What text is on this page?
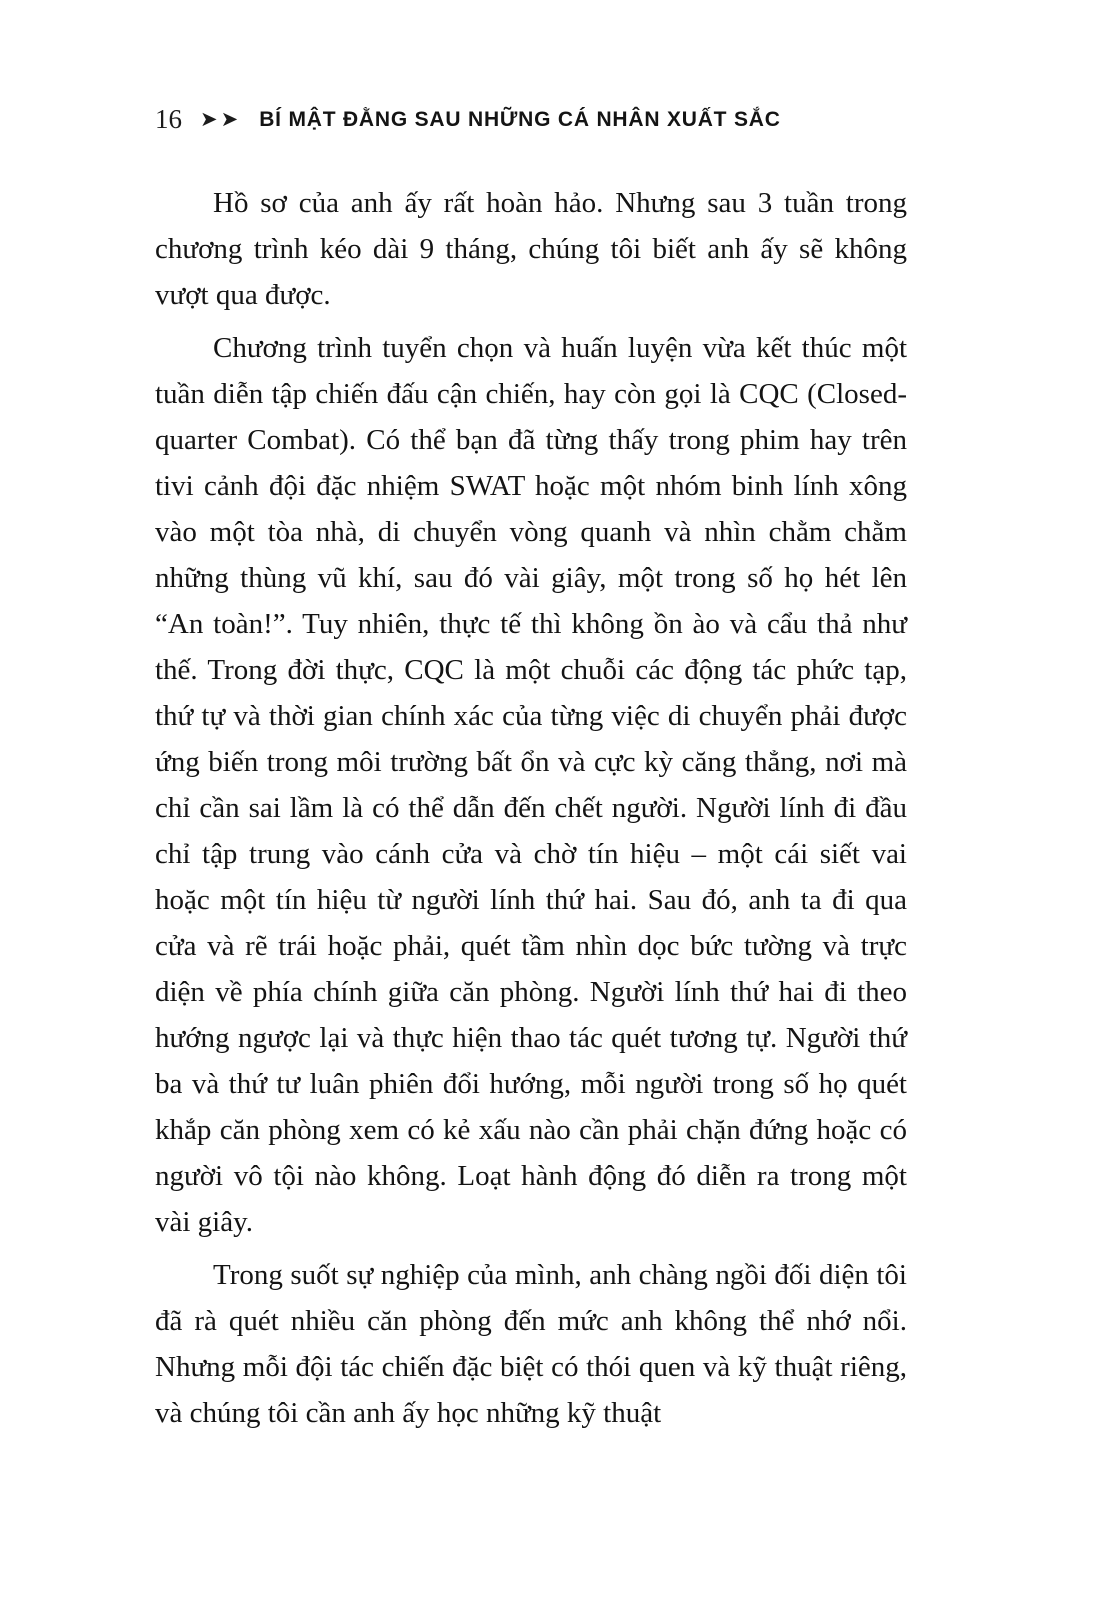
16 ➤➤ BÍ MẬT ĐẰNG SAU NHỮNG CÁ NHÂN XUẤT SẮC

Hồ sơ của anh ấy rất hoàn hảo. Nhưng sau 3 tuần trong chương trình kéo dài 9 tháng, chúng tôi biết anh ấy sẽ không vượt qua được.

Chương trình tuyển chọn và huấn luyện vừa kết thúc một tuần diễn tập chiến đấu cận chiến, hay còn gọi là CQC (Closed-quarter Combat). Có thể bạn đã từng thấy trong phim hay trên tivi cảnh đội đặc nhiệm SWAT hoặc một nhóm binh lính xông vào một tòa nhà, di chuyển vòng quanh và nhìn chằm chằm những thùng vũ khí, sau đó vài giây, một trong số họ hét lên “An toàn!”. Tuy nhiên, thực tế thì không ồn ào và cẩu thả như thế. Trong đời thực, CQC là một chuỗi các động tác phức tạp, thứ tự và thời gian chính xác của từng việc di chuyển phải được ứng biến trong môi trường bất ổn và cực kỳ căng thẳng, nơi mà chỉ cần sai lầm là có thể dẫn đến chết người. Người lính đi đầu chỉ tập trung vào cánh cửa và chờ tín hiệu – một cái siết vai hoặc một tín hiệu từ người lính thứ hai. Sau đó, anh ta đi qua cửa và rẽ trái hoặc phải, quét tầm nhìn dọc bức tường và trực diện về phía chính giữa căn phòng. Người lính thứ hai đi theo hướng ngược lại và thực hiện thao tác quét tương tự. Người thứ ba và thứ tư luân phiên đổi hướng, mỗi người trong số họ quét khắp căn phòng xem có kẻ xấu nào cần phải chặn đứng hoặc có người vô tội nào không. Loạt hành động đó diễn ra trong một vài giây.

Trong suốt sự nghiệp của mình, anh chàng ngồi đối diện tôi đã rà quét nhiều căn phòng đến mức anh không thể nhớ nổi. Nhưng mỗi đội tác chiến đặc biệt có thói quen và kỹ thuật riêng, và chúng tôi cần anh ấy học những kỹ thuật
